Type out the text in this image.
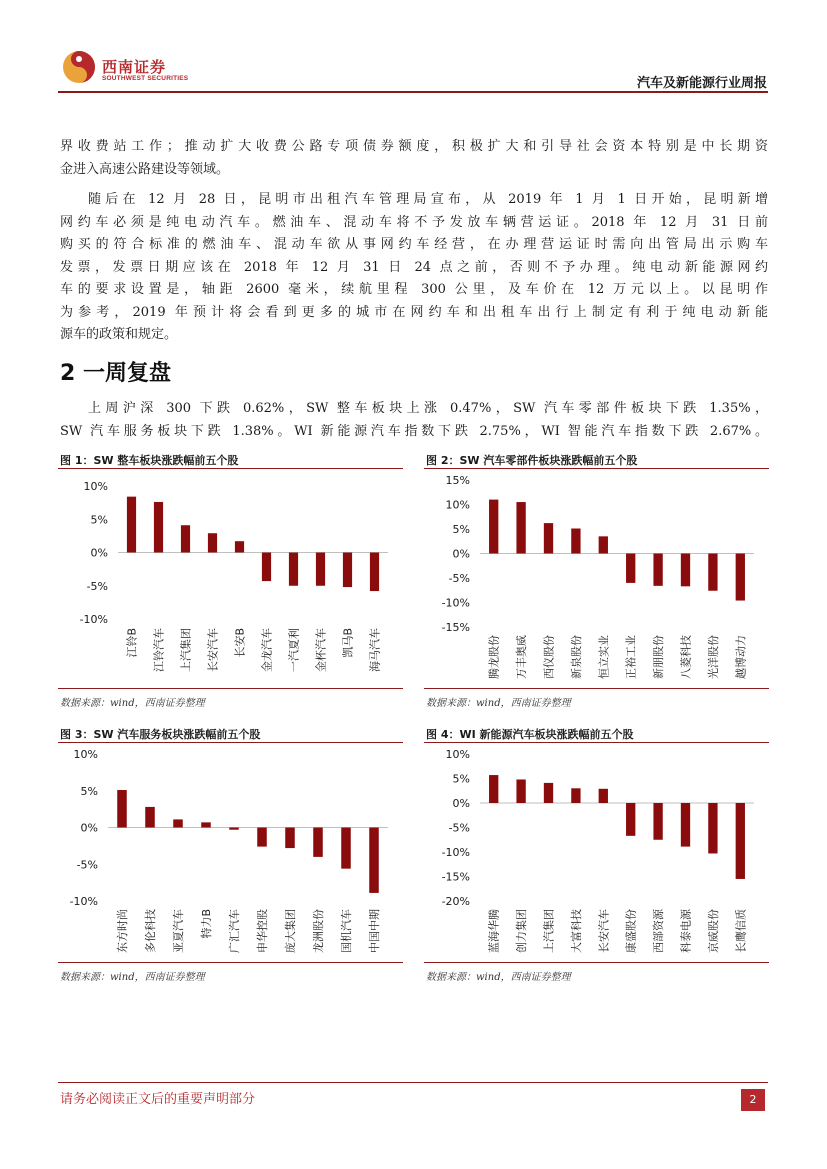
西南证券
SOUTHWEST SECURITIES	汽车及新能源行业周报
界收费站工作；推动扩大收费公路专项债券额度，积极扩大和引导社会资本特别是中长期资
金进入高速公路建设等领域。
随后在 12 月 28 日，昆明市出租汽车管理局宣布，从 2019 年 1 月 1 日开始，昆明新增
网约车必须是纯电动汽车。燃油车、混动车将不予发放车辆营运证。2018 年 12 月 31 日前
购买的符合标准的燃油车、混动车欲从事网约车经营，在办理营运证时需向出管局出示购车
发票，发票日期应该在 2018 年 12 月 31 日 24 点之前，否则不予办理。纯电动新能源网约
车的要求设置是，轴距 2600 毫米，续航里程 300 公里，及车价在 12 万元以上。以昆明作
为参考，2019 年预计将会看到更多的城市在网约车和出租车出行上制定有利于纯电动新能
源车的政策和规定。
2 一周复盘
上周沪深 300 下跌 0.62%，SW 整车板块上涨 0.47%，SW 汽车零部件板块下跌 1.35%，
SW 汽车服务板块下跌 1.38%。WI 新能源汽车指数下跌 2.75%，WI 智能汽车指数下跌 2.67%。
图 1：SW 整车板块涨跌幅前五个股
10%
5%
0%
-5%
-10%
江铃B 江铃汽车 上汽集团 长安汽车 长安B 金龙汽车 一汽夏利 金杯汽车 凯马B 海马汽车
数据来源：wind，西南证券整理
图 2：SW 汽车零部件板块涨跌幅前五个股
15%
10%
5%
0%
-5%
-10%
-15%
腾龙股份 万丰奥威 西仪股份 新泉股份 恒立实业 正裕工业 新朋股份 八菱科技 光洋股份 越博动力
数据来源：wind，西南证券整理
图 3：SW 汽车服务板块涨跌幅前五个股
10%
5%
0%
-5%
-10%
东方时尚 多伦科技 亚夏汽车 特力B 广汇汽车 申华控股 庞大集团 龙洲股份 国机汽车 中国中期
数据来源：wind，西南证券整理
图 4：WI 新能源汽车板块涨跌幅前五个股
10%
5%
0%
-5%
-10%
-15%
-20%
蓝海华腾 创力集团 上汽集团 大富科技 长安汽车 康盛股份 西部资源 科泰电源 京威股份 长鹰信质
数据来源：wind，西南证券整理
请务必阅读正文后的重要声明部分	2
